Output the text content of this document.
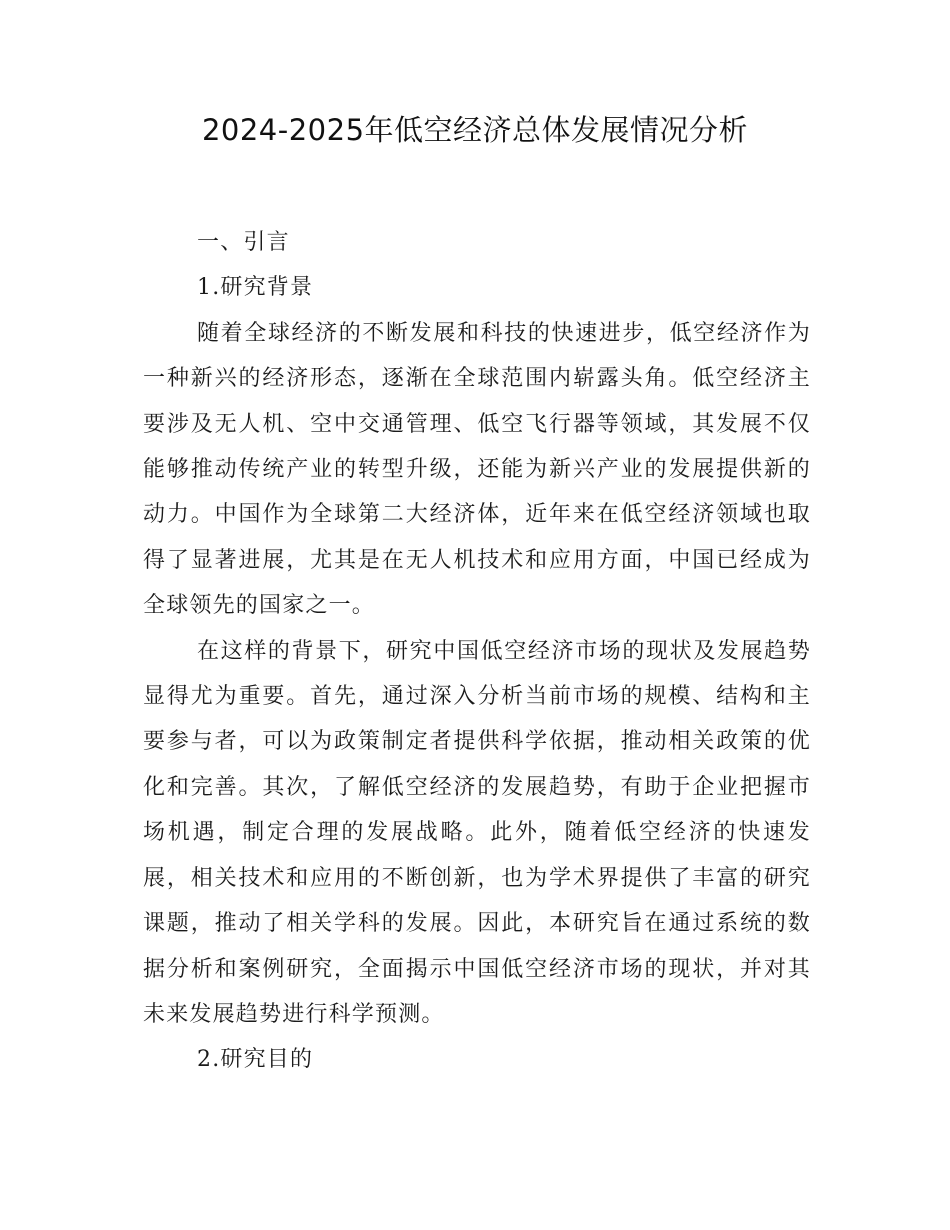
2024-2025年低空经济总体发展情况分析

一、引言

1.研究背景

随着全球经济的不断发展和科技的快速进步，低空经济作为一种新兴的经济形态，逐渐在全球范围内崭露头角。低空经济主要涉及无人机、空中交通管理、低空飞行器等领域，其发展不仅能够推动传统产业的转型升级，还能为新兴产业的发展提供新的动力。中国作为全球第二大经济体，近年来在低空经济领域也取得了显著进展，尤其是在无人机技术和应用方面，中国已经成为全球领先的国家之一。

在这样的背景下，研究中国低空经济市场的现状及发展趋势显得尤为重要。首先，通过深入分析当前市场的规模、结构和主要参与者，可以为政策制定者提供科学依据，推动相关政策的优化和完善。其次，了解低空经济的发展趋势，有助于企业把握市场机遇，制定合理的发展战略。此外，随着低空经济的快速发展，相关技术和应用的不断创新，也为学术界提供了丰富的研究课题，推动了相关学科的发展。因此，本研究旨在通过系统的数据分析和案例研究，全面揭示中国低空经济市场的现状，并对其未来发展趋势进行科学预测。

2.研究目的
